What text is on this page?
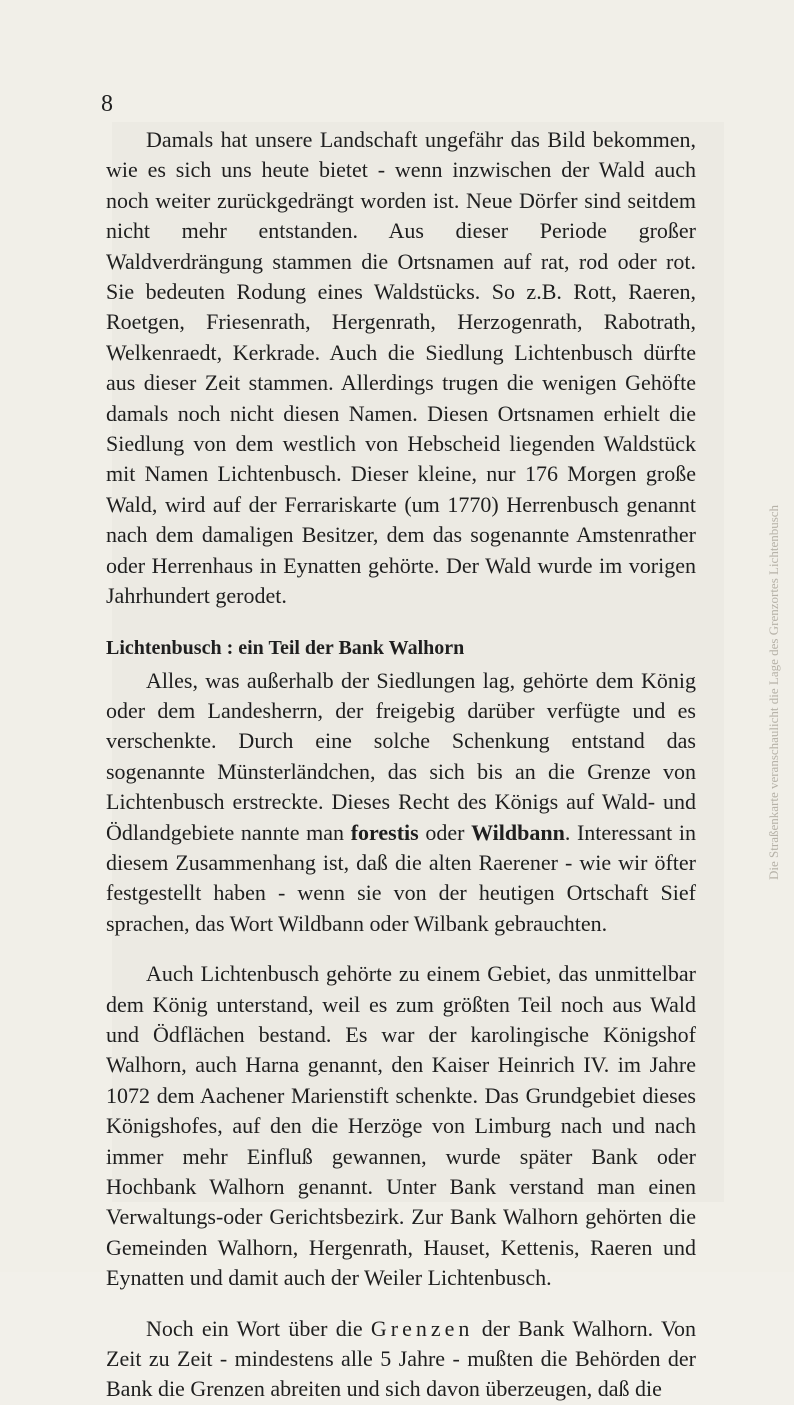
8

Damals hat unsere Landschaft ungefähr das Bild bekommen, wie es sich uns heute bietet - wenn inzwischen der Wald auch noch weiter zurückgedrängt worden ist. Neue Dörfer sind seitdem nicht mehr entstanden. Aus dieser Periode großer Waldverdrängung stammen die Ortsnamen auf rat, rod oder rot. Sie bedeuten Rodung eines Waldstücks. So z.B. Rott, Raeren, Roetgen, Friesenrath, Hergenrath, Herzogenrath, Rabotrath, Welkenraedt, Kerkrade. Auch die Siedlung Lichtenbusch dürfte aus dieser Zeit stammen. Allerdings trugen die wenigen Gehöfte damals noch nicht diesen Namen. Diesen Ortsnamen erhielt die Siedlung von dem westlich von Hebscheid liegenden Waldstück mit Namen Lichtenbusch. Dieser kleine, nur 176 Morgen große Wald, wird auf der Ferrariskarte (um 1770) Herrenbusch genannt nach dem damaligen Besitzer, dem das sogenannte Amstenrather oder Herrenhaus in Eynatten gehörte. Der Wald wurde im vorigen Jahrhundert gerodet.

Lichtenbusch : ein Teil der Bank Walhorn

Alles, was außerhalb der Siedlungen lag, gehörte dem König oder dem Landesherrn, der freigebig darüber verfügte und es verschenkte. Durch eine solche Schenkung entstand das sogenannte Münsterländchen, das sich bis an die Grenze von Lichtenbusch erstreckte. Dieses Recht des Königs auf Wald- und Ödlandgebiete nannte man forestis oder Wildbann. Interessant in diesem Zusammenhang ist, daß die alten Raerener - wie wir öfter festgestellt haben - wenn sie von der heutigen Ortschaft Sief sprachen, das Wort Wildbann oder Wilbank gebrauchten.

Auch Lichtenbusch gehörte zu einem Gebiet, das unmittelbar dem König unterstand, weil es zum größten Teil noch aus Wald und Ödflächen bestand. Es war der karolingische Königshof Walhorn, auch Harna genannt, den Kaiser Heinrich IV. im Jahre 1072 dem Aachener Marienstift schenkte. Das Grundgebiet dieses Königshofes, auf den die Herzöge von Limburg nach und nach immer mehr Einfluß gewannen, wurde später Bank oder Hochbank Walhorn genannt. Unter Bank verstand man einen Verwaltungs-oder Gerichtsbezirk. Zur Bank Walhorn gehörten die Gemeinden Walhorn, Hergenrath, Hauset, Kettenis, Raeren und Eynatten und damit auch der Weiler Lichtenbusch.

Noch ein Wort über die Grenzen der Bank Walhorn. Von Zeit zu Zeit - mindestens alle 5 Jahre - mußten die Behörden der Bank die Grenzen abreiten und sich davon überzeugen, daß die

Die Straßenkarte veranschaulicht die Lage des Grenzortes Lichtenbusch
